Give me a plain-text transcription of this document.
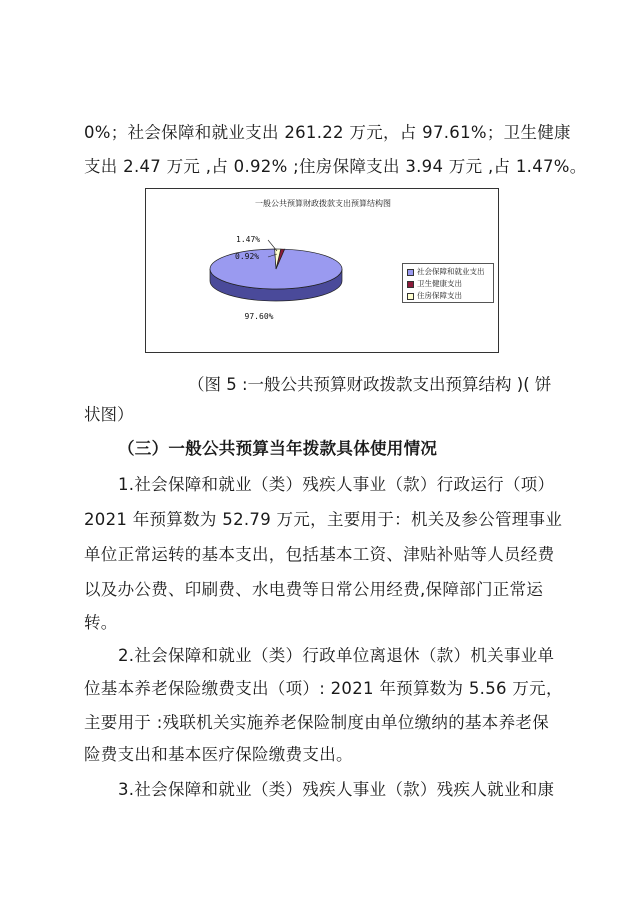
0%；社会保障和就业支出 261.22 万元，占 97.61%；卫生健康

支出 2.47 万元 ,占 0.92% ;住房保障支出 3.94 万元 ,占 1.47%。

一般公共预算财政拨款支出预算结构图
1.47%
0.92%
97.60%
社会保障和就业支出
卫生健康支出
住房保障支出

（图 5 :一般公共预算财政拨款支出预算结构 )( 饼

状图）

（三）一般公共预算当年拨款具体使用情况

1.社会保障和就业（类）残疾人事业（款）行政运行（项）

2021 年预算数为 52.79 万元，主要用于：机关及参公管理事业

单位正常运转的基本支出，包括基本工资、津贴补贴等人员经费

以及办公费、印刷费、水电费等日常公用经费,保障部门正常运

转。

2.社会保障和就业（类）行政单位离退休（款）机关事业单

位基本养老保险缴费支出（项）: 2021 年预算数为 5.56 万元，

主要用于 :残联机关实施养老保险制度由单位缴纳的基本养老保

险费支出和基本医疗保险缴费支出。

3.社会保障和就业（类）残疾人事业（款）残疾人就业和康
